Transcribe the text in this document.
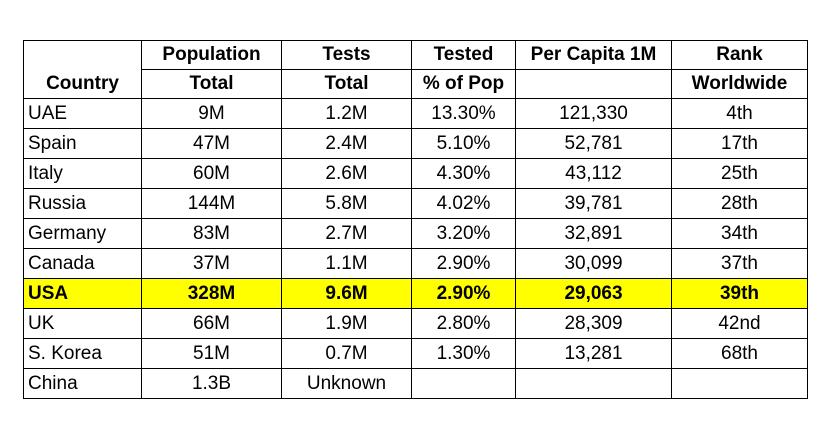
	Population	Tests	Tested	Per Capita 1M	Rank
Country	Total	Total	% of Pop		Worldwide
UAE	9M	1.2M	13.30%	121,330	4th
Spain	47M	2.4M	5.10%	52,781	17th
Italy	60M	2.6M	4.30%	43,112	25th
Russia	144M	5.8M	4.02%	39,781	28th
Germany	83M	2.7M	3.20%	32,891	34th
Canada	37M	1.1M	2.90%	30,099	37th
USA	328M	9.6M	2.90%	29,063	39th
UK	66M	1.9M	2.80%	28,309	42nd
S. Korea	51M	0.7M	1.30%	13,281	68th
China	1.3B	Unknown			
